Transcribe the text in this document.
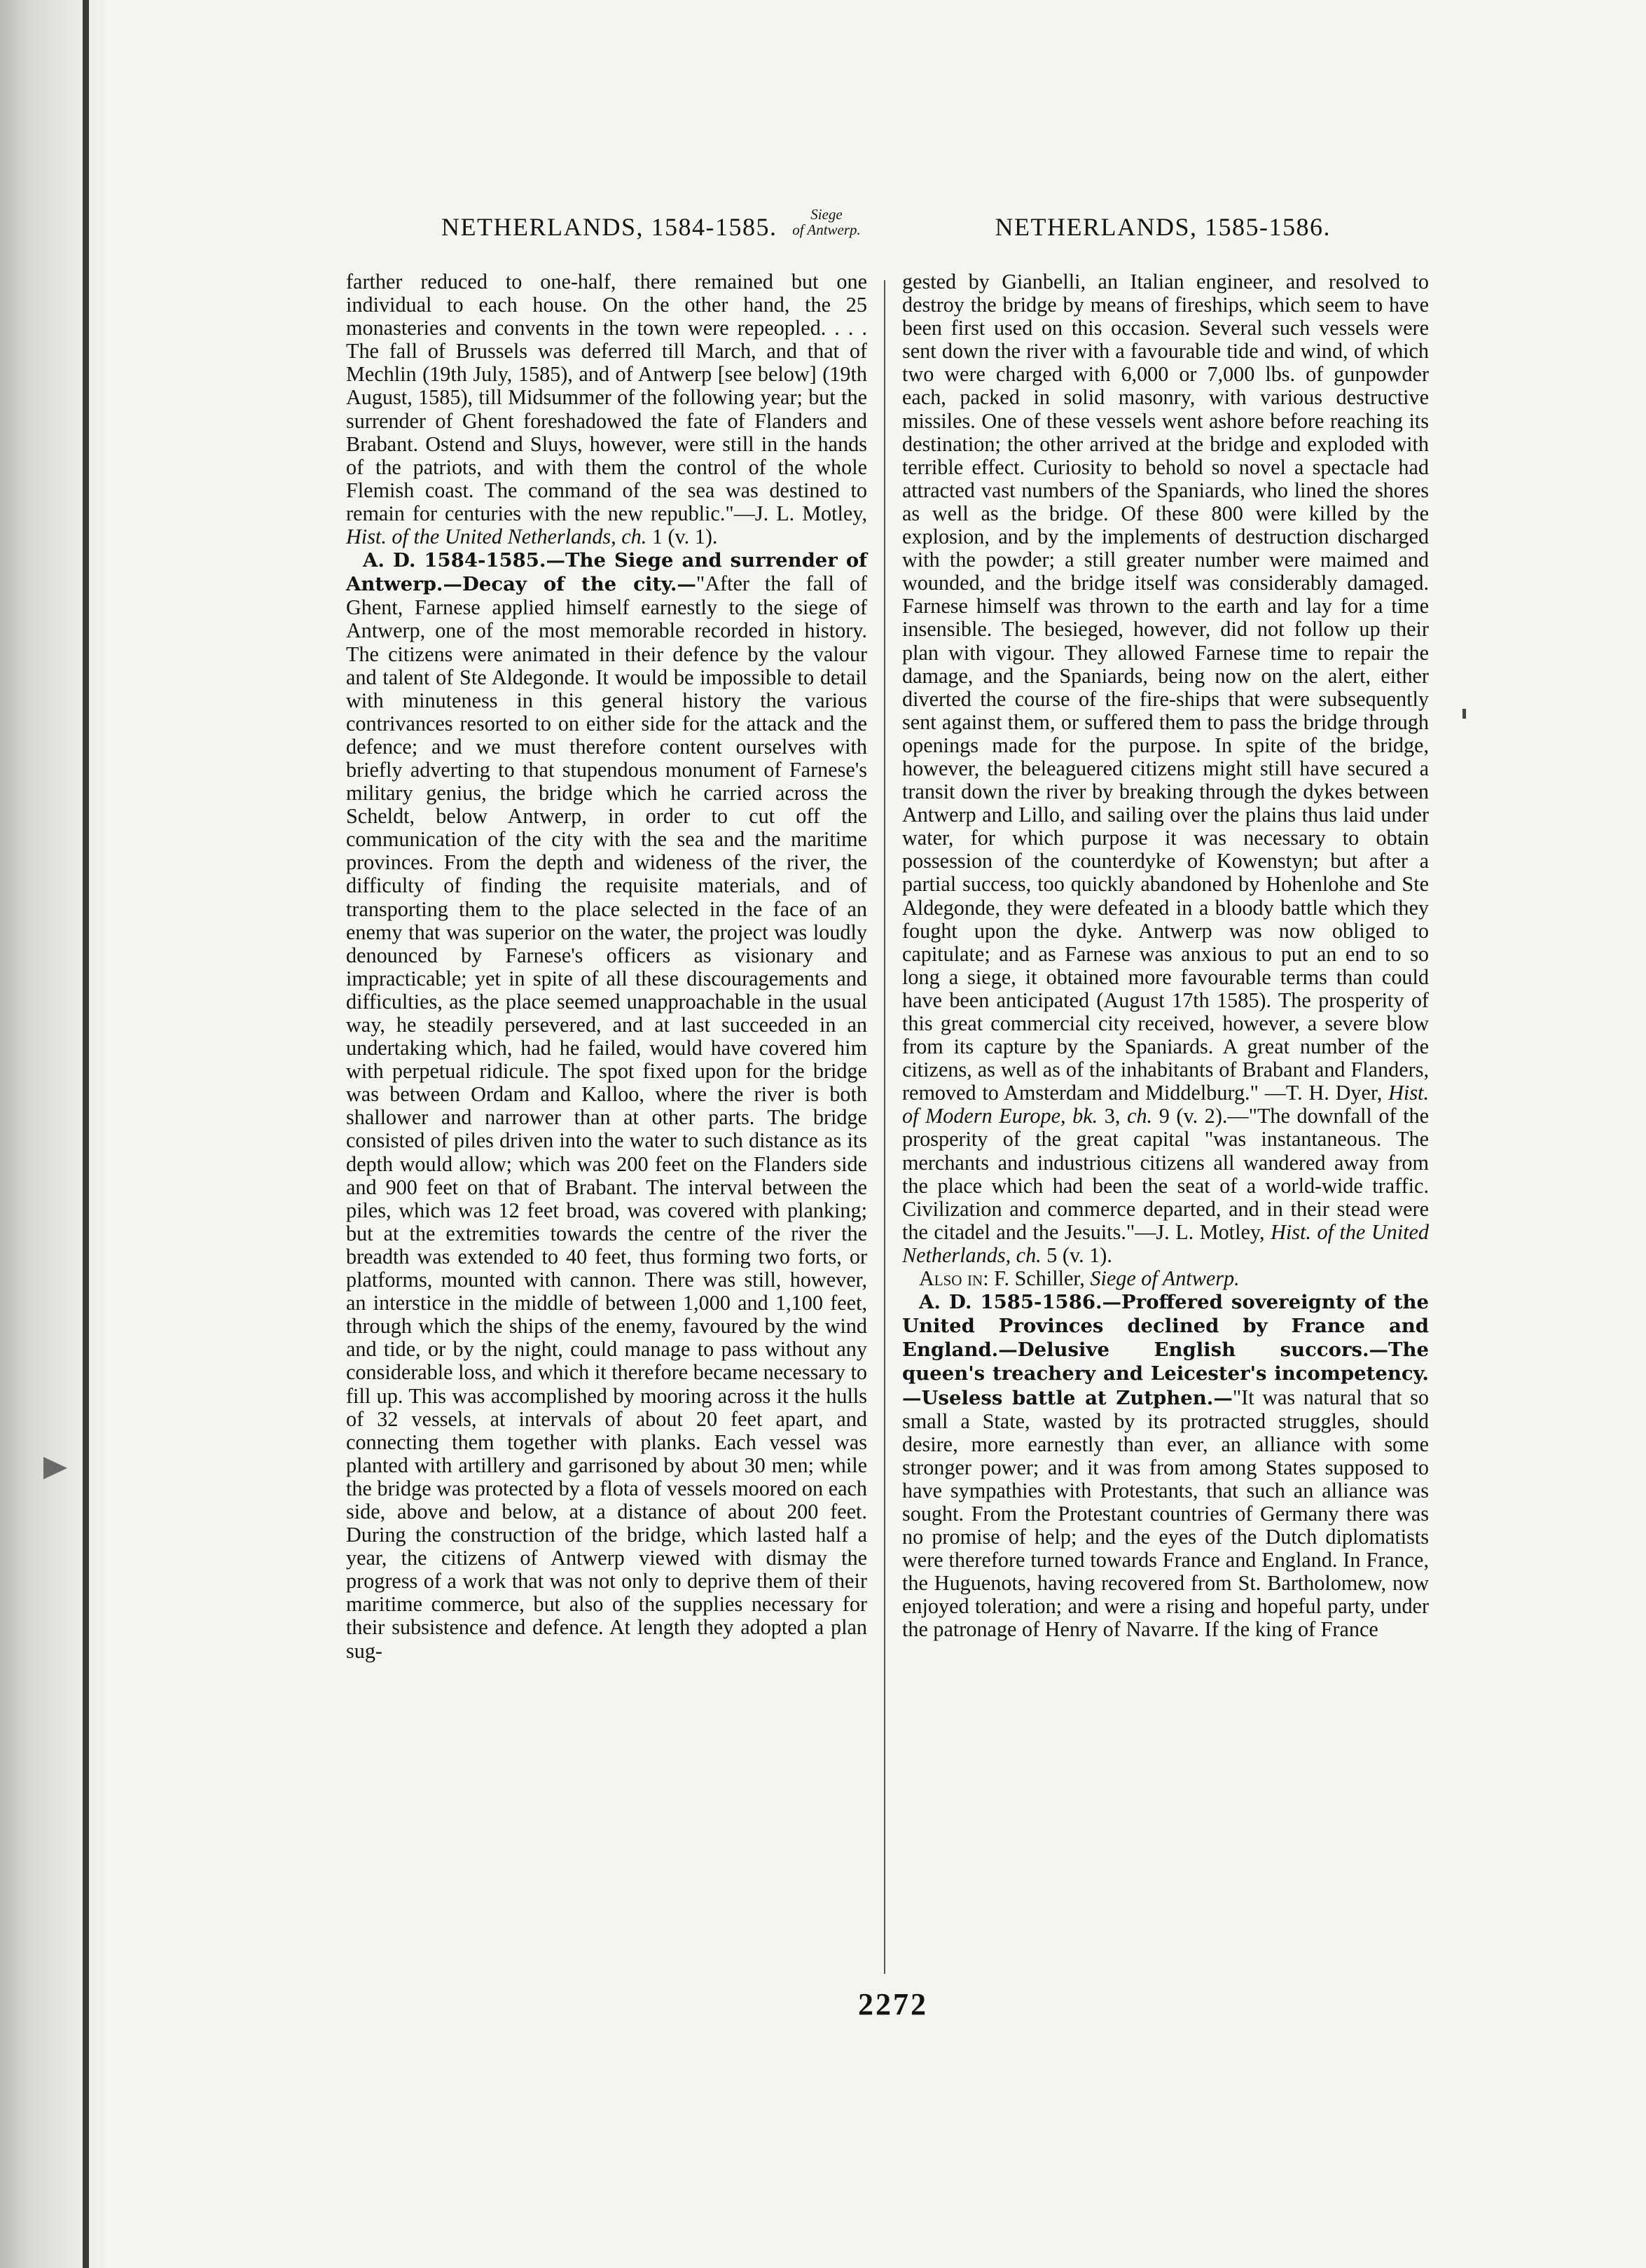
NETHERLANDS, 1584-1585.	Siege
of Antwerp.	NETHERLANDS, 1585-1586.

farther reduced to one-half, there remained but one individual to each house. On the other hand, the 25 monasteries and convents in the town were repeopled. . . . The fall of Brussels was deferred till March, and that of Mechlin (19th July, 1585), and of Antwerp [see below] (19th August, 1585), till Midsummer of the following year; but the surrender of Ghent foreshadowed the fate of Flanders and Brabant. Ostend and Sluys, however, were still in the hands of the patriots, and with them the control of the whole Flemish coast. The command of the sea was destined to remain for centuries with the new republic."—J. L. Motley, Hist. of the United Netherlands, ch. 1 (v. 1).

A. D. 1584-1585.—The Siege and surrender of Antwerp.—Decay of the city.—"After the fall of Ghent, Farnese applied himself earnestly to the siege of Antwerp, one of the most memorable recorded in history. The citizens were animated in their defence by the valour and talent of Ste Aldegonde. It would be impossible to detail with minuteness in this general history the various contrivances resorted to on either side for the attack and the defence; and we must therefore content ourselves with briefly adverting to that stupendous monument of Farnese's military genius, the bridge which he carried across the Scheldt, below Antwerp, in order to cut off the communication of the city with the sea and the maritime provinces. From the depth and wideness of the river, the difficulty of finding the requisite materials, and of transporting them to the place selected in the face of an enemy that was superior on the water, the project was loudly denounced by Farnese's officers as visionary and impracticable; yet in spite of all these discouragements and difficulties, as the place seemed unapproachable in the usual way, he steadily persevered, and at last succeeded in an undertaking which, had he failed, would have covered him with perpetual ridicule. The spot fixed upon for the bridge was between Ordam and Kalloo, where the river is both shallower and narrower than at other parts. The bridge consisted of piles driven into the water to such distance as its depth would allow; which was 200 feet on the Flanders side and 900 feet on that of Brabant. The interval between the piles, which was 12 feet broad, was covered with planking; but at the extremities towards the centre of the river the breadth was extended to 40 feet, thus forming two forts, or platforms, mounted with cannon. There was still, however, an interstice in the middle of between 1,000 and 1,100 feet, through which the ships of the enemy, favoured by the wind and tide, or by the night, could manage to pass without any considerable loss, and which it therefore became necessary to fill up. This was accomplished by mooring across it the hulls of 32 vessels, at intervals of about 20 feet apart, and connecting them together with planks. Each vessel was planted with artillery and garrisoned by about 30 men; while the bridge was protected by a flota of vessels moored on each side, above and below, at a distance of about 200 feet. During the construction of the bridge, which lasted half a year, the citizens of Antwerp viewed with dismay the progress of a work that was not only to deprive them of their maritime commerce, but also of the supplies necessary for their subsistence and defence. At length they adopted a plan sug-

gested by Gianbelli, an Italian engineer, and resolved to destroy the bridge by means of fireships, which seem to have been first used on this occasion. Several such vessels were sent down the river with a favourable tide and wind, of which two were charged with 6,000 or 7,000 lbs. of gunpowder each, packed in solid masonry, with various destructive missiles. One of these vessels went ashore before reaching its destination; the other arrived at the bridge and exploded with terrible effect. Curiosity to behold so novel a spectacle had attracted vast numbers of the Spaniards, who lined the shores as well as the bridge. Of these 800 were killed by the explosion, and by the implements of destruction discharged with the powder; a still greater number were maimed and wounded, and the bridge itself was considerably damaged. Farnese himself was thrown to the earth and lay for a time insensible. The besieged, however, did not follow up their plan with vigour. They allowed Farnese time to repair the damage, and the Spaniards, being now on the alert, either diverted the course of the fire-ships that were subsequently sent against them, or suffered them to pass the bridge through openings made for the purpose. In spite of the bridge, however, the beleaguered citizens might still have secured a transit down the river by breaking through the dykes between Antwerp and Lillo, and sailing over the plains thus laid under water, for which purpose it was necessary to obtain possession of the counterdyke of Kowenstyn; but after a partial success, too quickly abandoned by Hohenlohe and Ste Aldegonde, they were defeated in a bloody battle which they fought upon the dyke. Antwerp was now obliged to capitulate; and as Farnese was anxious to put an end to so long a siege, it obtained more favourable terms than could have been anticipated (August 17th 1585). The prosperity of this great commercial city received, however, a severe blow from its capture by the Spaniards. A great number of the citizens, as well as of the inhabitants of Brabant and Flanders, removed to Amsterdam and Middelburg." —T. H. Dyer, Hist. of Modern Europe, bk. 3, ch. 9 (v. 2).—"The downfall of the prosperity of the great capital "was instantaneous. The merchants and industrious citizens all wandered away from the place which had been the seat of a world-wide traffic. Civilization and commerce departed, and in their stead were the citadel and the Jesuits."—J. L. Motley, Hist. of the United Netherlands, ch. 5 (v. 1).

Also in: F. Schiller, Siege of Antwerp.

A. D. 1585-1586.—Proffered sovereignty of the United Provinces declined by France and England.—Delusive English succors.—The queen's treachery and Leicester's incompetency.—Useless battle at Zutphen.—"It was natural that so small a State, wasted by its protracted struggles, should desire, more earnestly than ever, an alliance with some stronger power; and it was from among States supposed to have sympathies with Protestants, that such an alliance was sought. From the Protestant countries of Germany there was no promise of help; and the eyes of the Dutch diplomatists were therefore turned towards France and England. In France, the Huguenots, having recovered from St. Bartholomew, now enjoyed toleration; and were a rising and hopeful party, under the patronage of Henry of Navarre. If the king of France

2272
